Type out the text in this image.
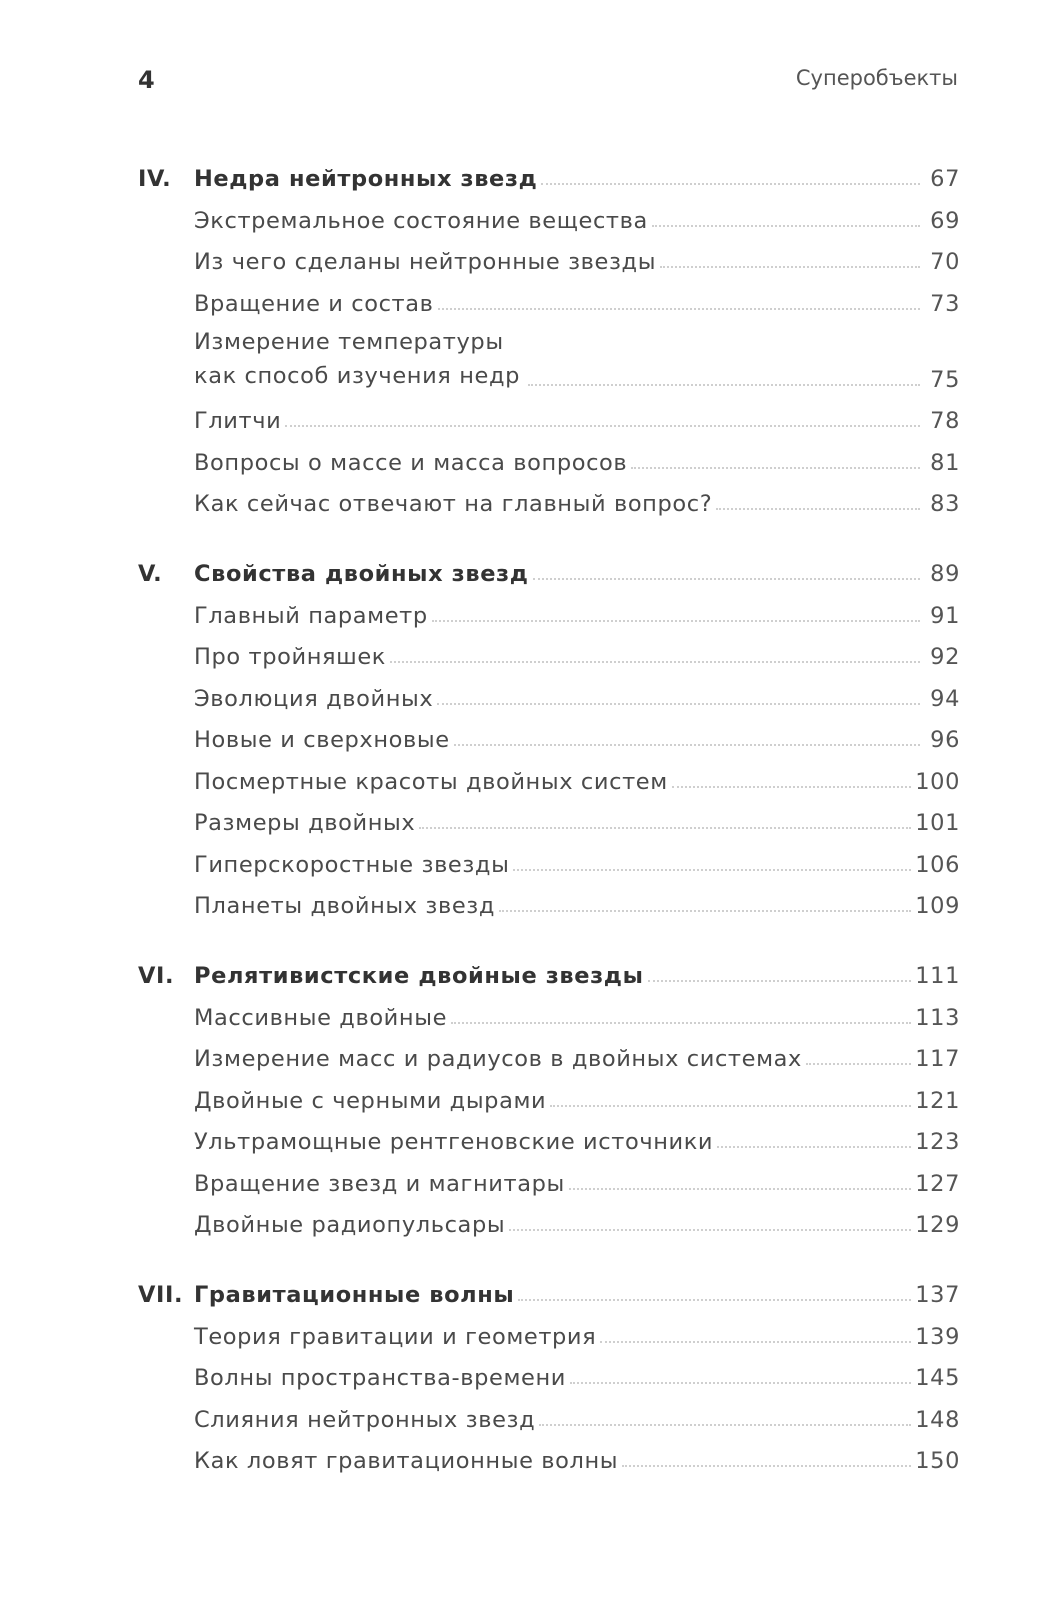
4	Суперобъекты
IV.	Недра нейтронных звезд	67
Экстремальное состояние вещества	69
Из чего сделаны нейтронные звезды	70
Вращение и состав	73
Измерение температуры как способ изучения недр	75
Глитчи	78
Вопросы о массе и масса вопросов	81
Как сейчас отвечают на главный вопрос?	83
V.	Свойства двойных звезд	89
Главный параметр	91
Про тройняшек	92
Эволюция двойных	94
Новые и сверхновые	96
Посмертные красоты двойных систем	100
Размеры двойных	101
Гиперскоростные звезды	106
Планеты двойных звезд	109
VI. Релятивистские двойные звезды	111
Массивные двойные	113
Измерение масс и радиусов в двойных системах	117
Двойные с черными дырами	121
Ультрамощные рентгеновские источники	123
Вращение звезд и магнитары	127
Двойные радиопульсары	129
VII. Гравитационные волны	137
Теория гравитации и геометрия	139
Волны пространства-времени	145
Слияния нейтронных звезд	148
Как ловят гравитационные волны	150
